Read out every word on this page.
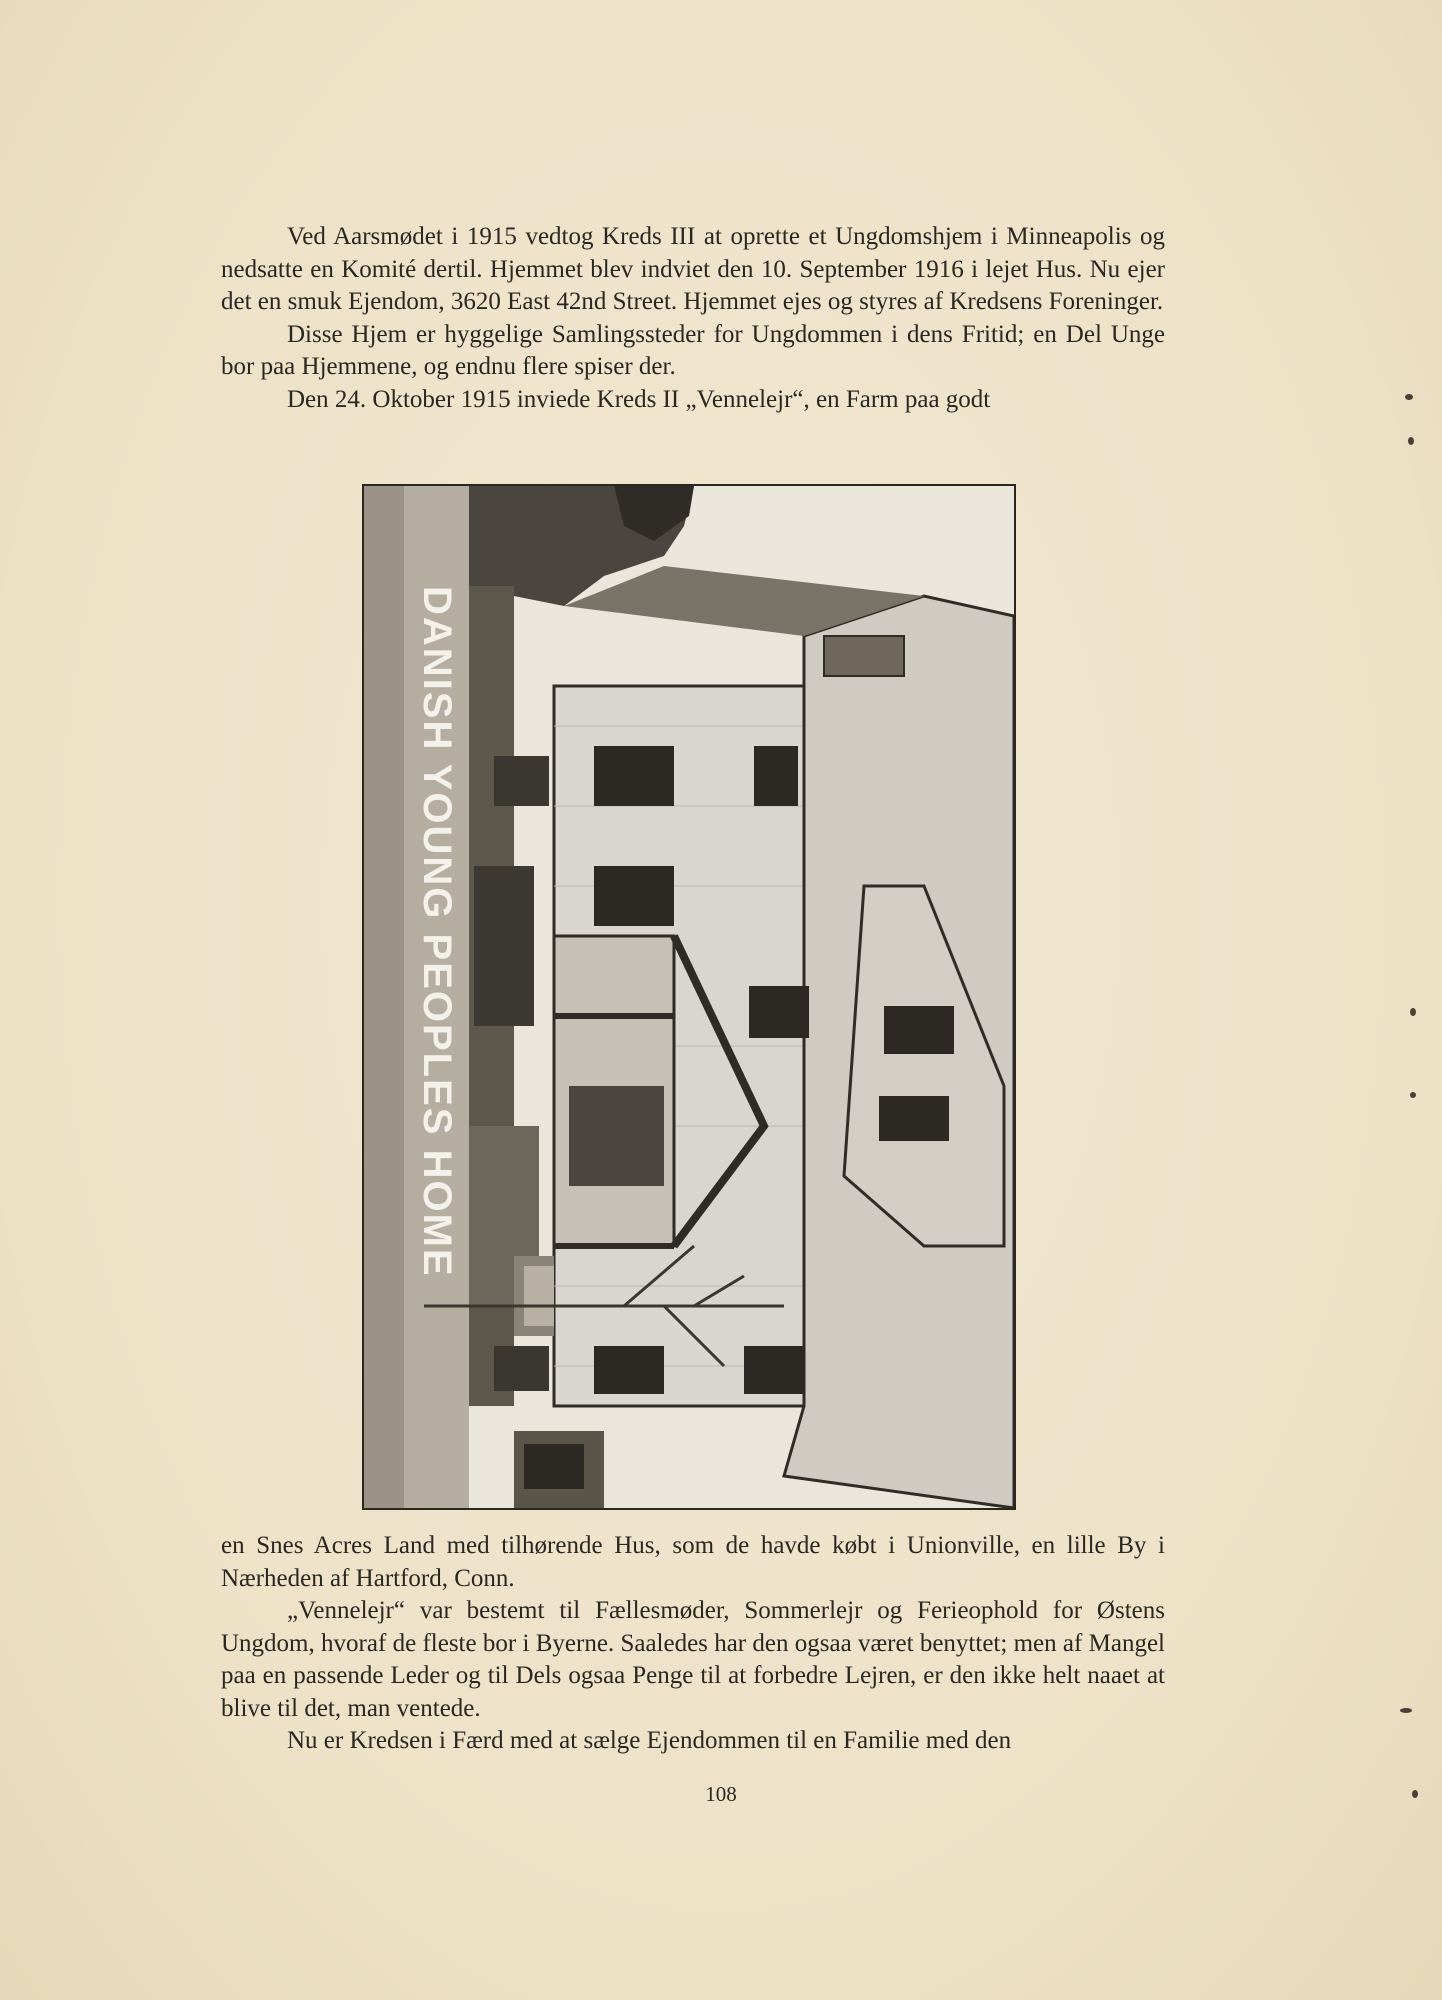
Ved Aarsmødet i 1915 vedtog Kreds III at oprette et Ungdomshjem i Minneapolis og nedsatte en Komité dertil. Hjemmet blev indviet den 10. September 1916 i lejet Hus. Nu ejer det en smuk Ejendom, 3620 East 42nd Street. Hjemmet ejes og styres af Kredsens Foreninger.

Disse Hjem er hyggelige Samlingssteder for Ungdommen i dens Fritid; en Del Unge bor paa Hjemmene, og endnu flere spiser der.

Den 24. Oktober 1915 inviede Kreds II „Vennelejr“, en Farm paa godt

DANISH YOUNG PEOPLES HOME

en Snes Acres Land med tilhørende Hus, som de havde købt i Unionville, en lille By i Nærheden af Hartford, Conn.

„Vennelejr“ var bestemt til Fællesmøder, Sommerlejr og Ferieophold for Østens Ungdom, hvoraf de fleste bor i Byerne. Saaledes har den ogsaa været benyttet; men af Mangel paa en passende Leder og til Dels ogsaa Penge til at forbedre Lejren, er den ikke helt naaet at blive til det, man ventede.

Nu er Kredsen i Færd med at sælge Ejendommen til en Familie med den

108
